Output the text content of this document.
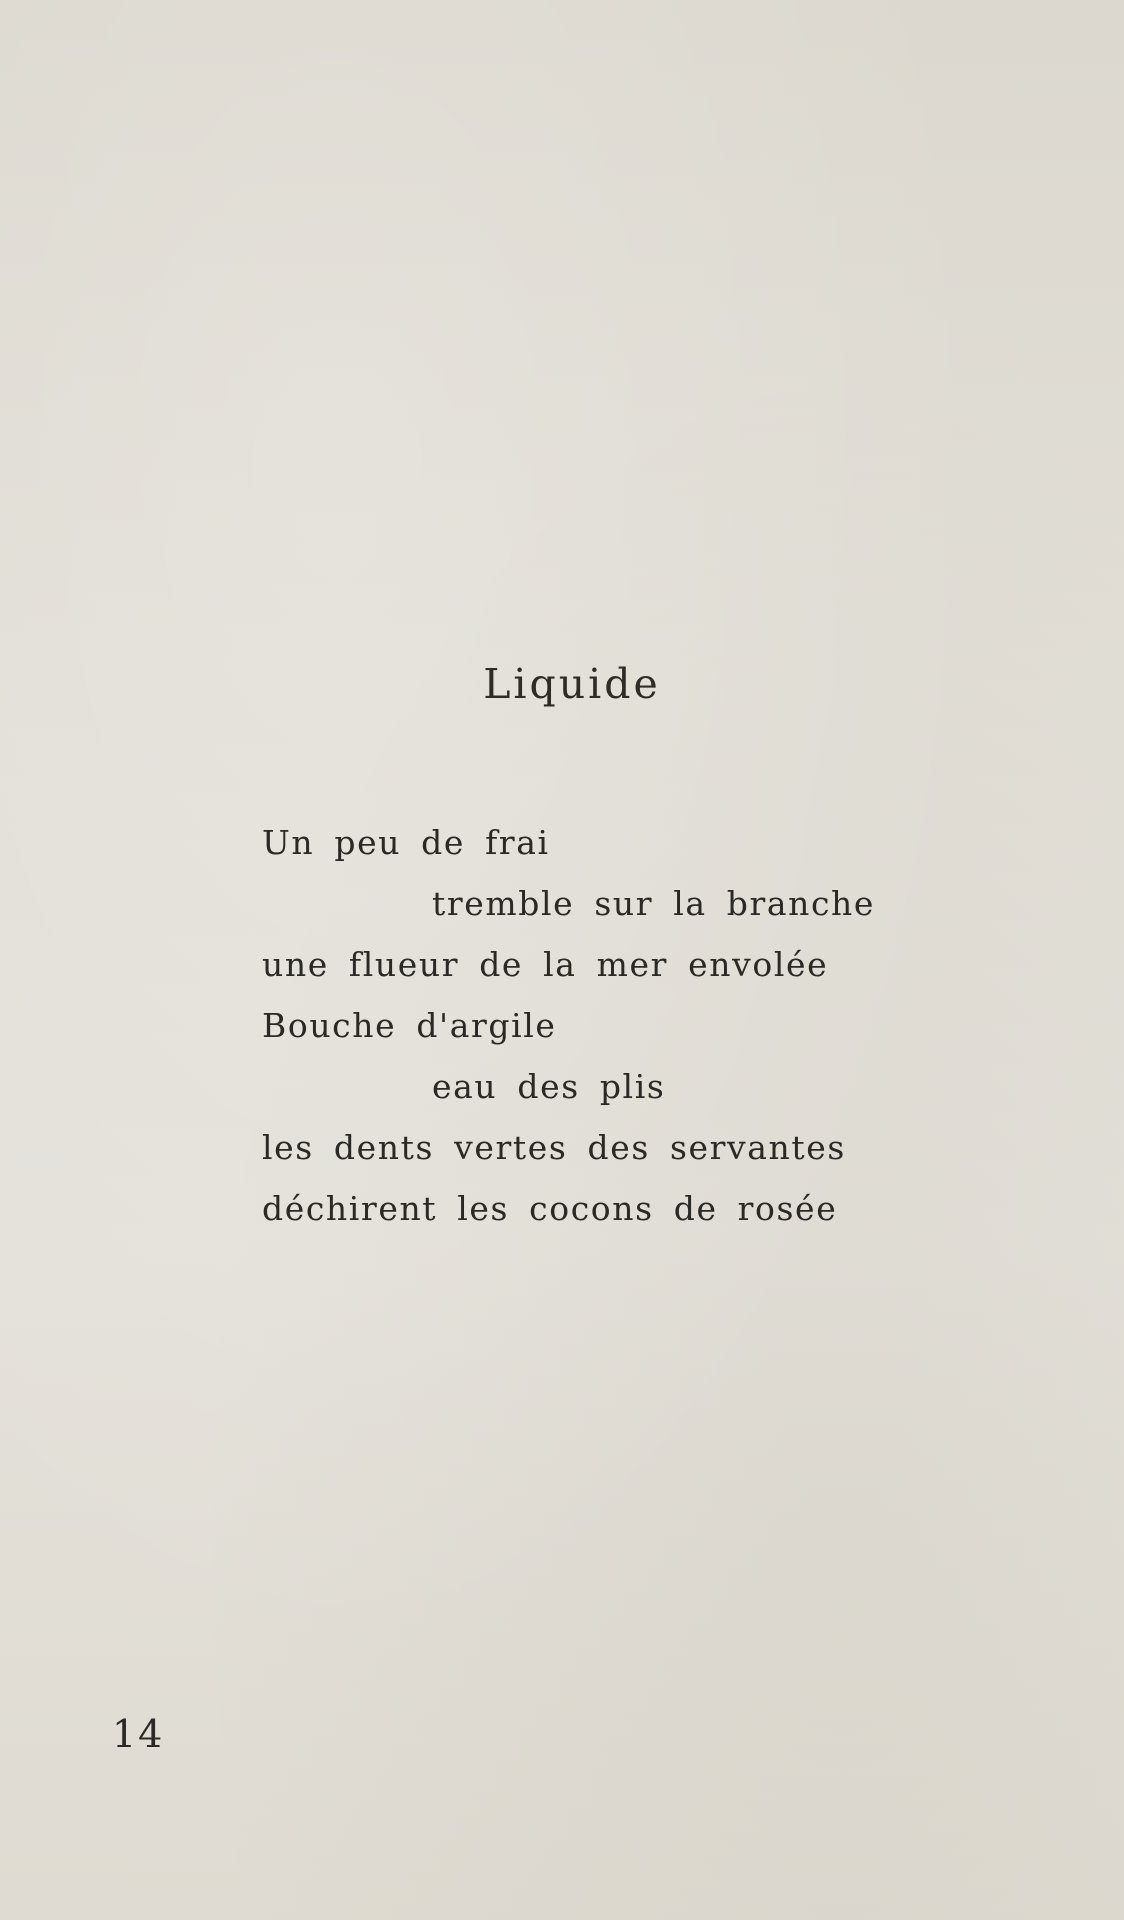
Liquide
Un peu de frai
tremble sur la branche
une flueur de la mer envolée
Bouche d'argile
eau des plis
les dents vertes des servantes
déchirent les cocons de rosée
14
